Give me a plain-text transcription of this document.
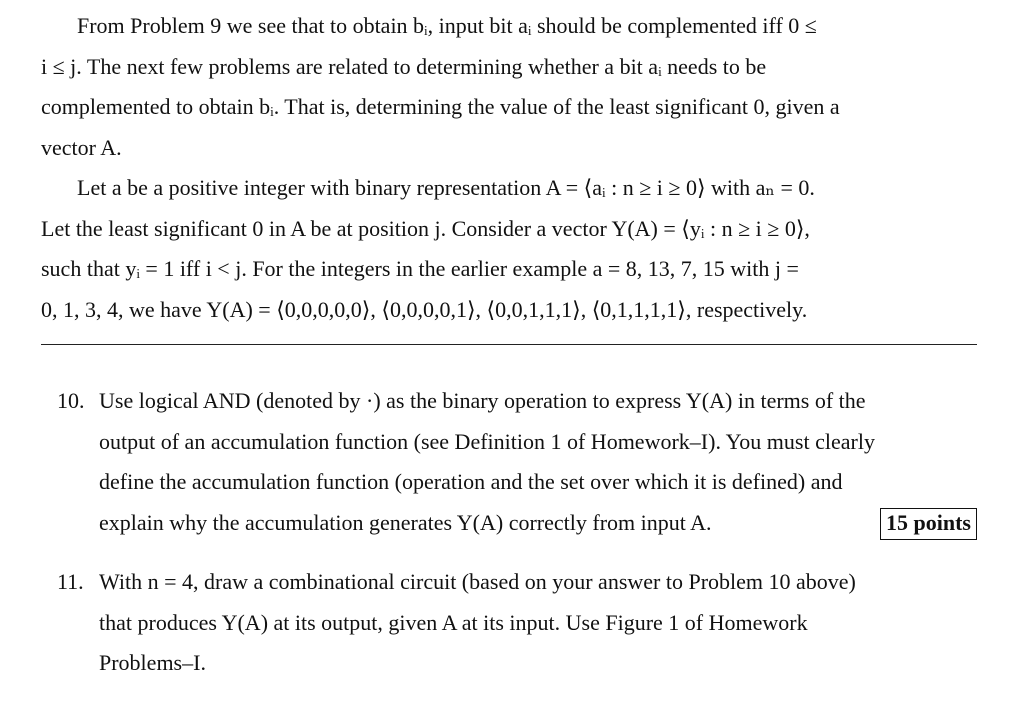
From Problem 9 we see that to obtain bᵢ, input bit aᵢ should be complemented iff 0 ≤
i ≤ j. The next few problems are related to determining whether a bit aᵢ needs to be
complemented to obtain bᵢ. That is, determining the value of the least significant 0, given a
vector A.
Let a be a positive integer with binary representation A = ⟨aᵢ : n ≥ i ≥ 0⟩ with aₙ = 0.
Let the least significant 0 in A be at position j. Consider a vector Y(A) = ⟨yᵢ : n ≥ i ≥ 0⟩,
such that yᵢ = 1 iff i < j. For the integers in the earlier example a = 8, 13, 7, 15 with j =
0, 1, 3, 4, we have Y(A) = ⟨0,0,0,0,0⟩, ⟨0,0,0,0,1⟩, ⟨0,0,1,1,1⟩, ⟨0,1,1,1,1⟩, respectively.
10. Use logical AND (denoted by ·) as the binary operation to express Y(A) in terms of the
output of an accumulation function (see Definition 1 of Homework–I). You must clearly
define the accumulation function (operation and the set over which it is defined) and
explain why the accumulation generates Y(A) correctly from input A.	15 points
11. With n = 4, draw a combinational circuit (based on your answer to Problem 10 above)
that produces Y(A) at its output, given A at its input. Use Figure 1 of Homework
Problems–I.
